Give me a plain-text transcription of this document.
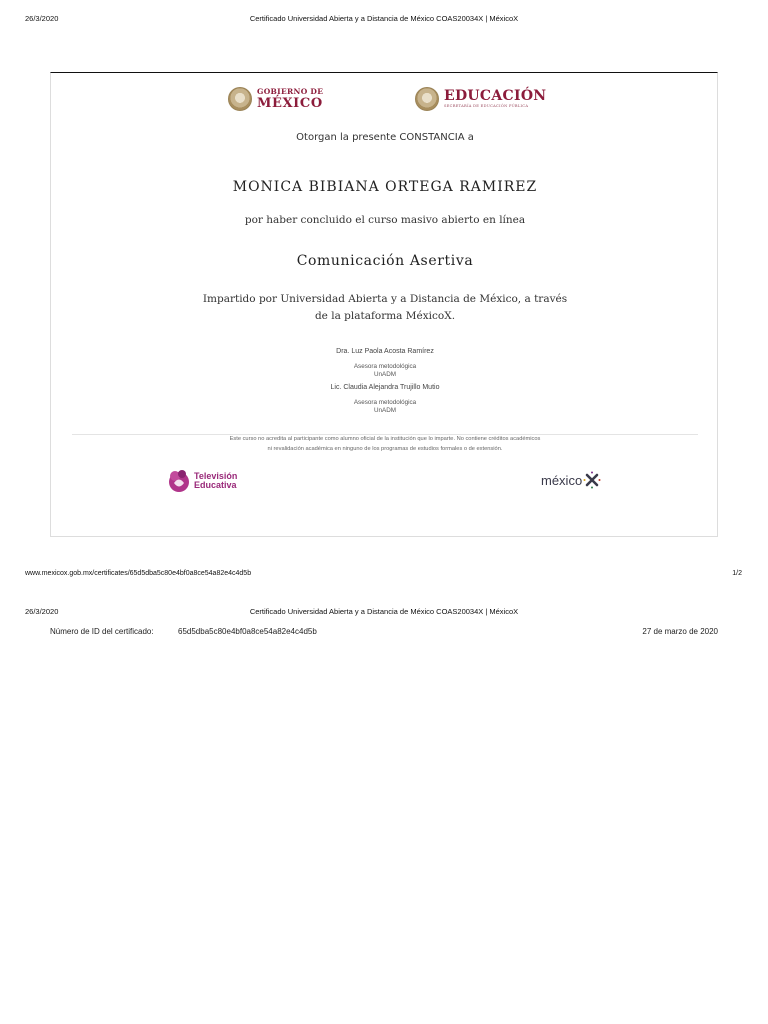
26/3/2020	Certificado Universidad Abierta y a Distancia de México COAS20034X | MéxicoX
GOBIERNO DE
MÉXICO	EDUCACIÓN
SECRETARÍA DE EDUCACIÓN PÚBLICA
Otorgan la presente CONSTANCIA a
MONICA BIBIANA ORTEGA RAMIREZ
por haber concluido el curso masivo abierto en línea
Comunicación Asertiva
Impartido por Universidad Abierta y a Distancia de México, a través
de la plataforma MéxicoX.
Dra. Luz Paola Acosta Ramírez
Asesora metodológica
UnADM
Lic. Claudia Alejandra Trujillo Mutio
Asesora metodológica
UnADM
Este curso no acredita al participante como alumno oficial de la institución que lo imparte. No contiene créditos académicos
ni revalidación académica en ninguno de los programas de estudios formales o de extensión.
Televisión
Educativa	méxico
www.mexicox.gob.mx/certificates/65d5dba5c80e4bf0a8ce54a82e4c4d5b	1/2
26/3/2020	Certificado Universidad Abierta y a Distancia de México COAS20034X | MéxicoX
Número de ID del certificado:	65d5dba5c80e4bf0a8ce54a82e4c4d5b	27 de marzo de 2020
